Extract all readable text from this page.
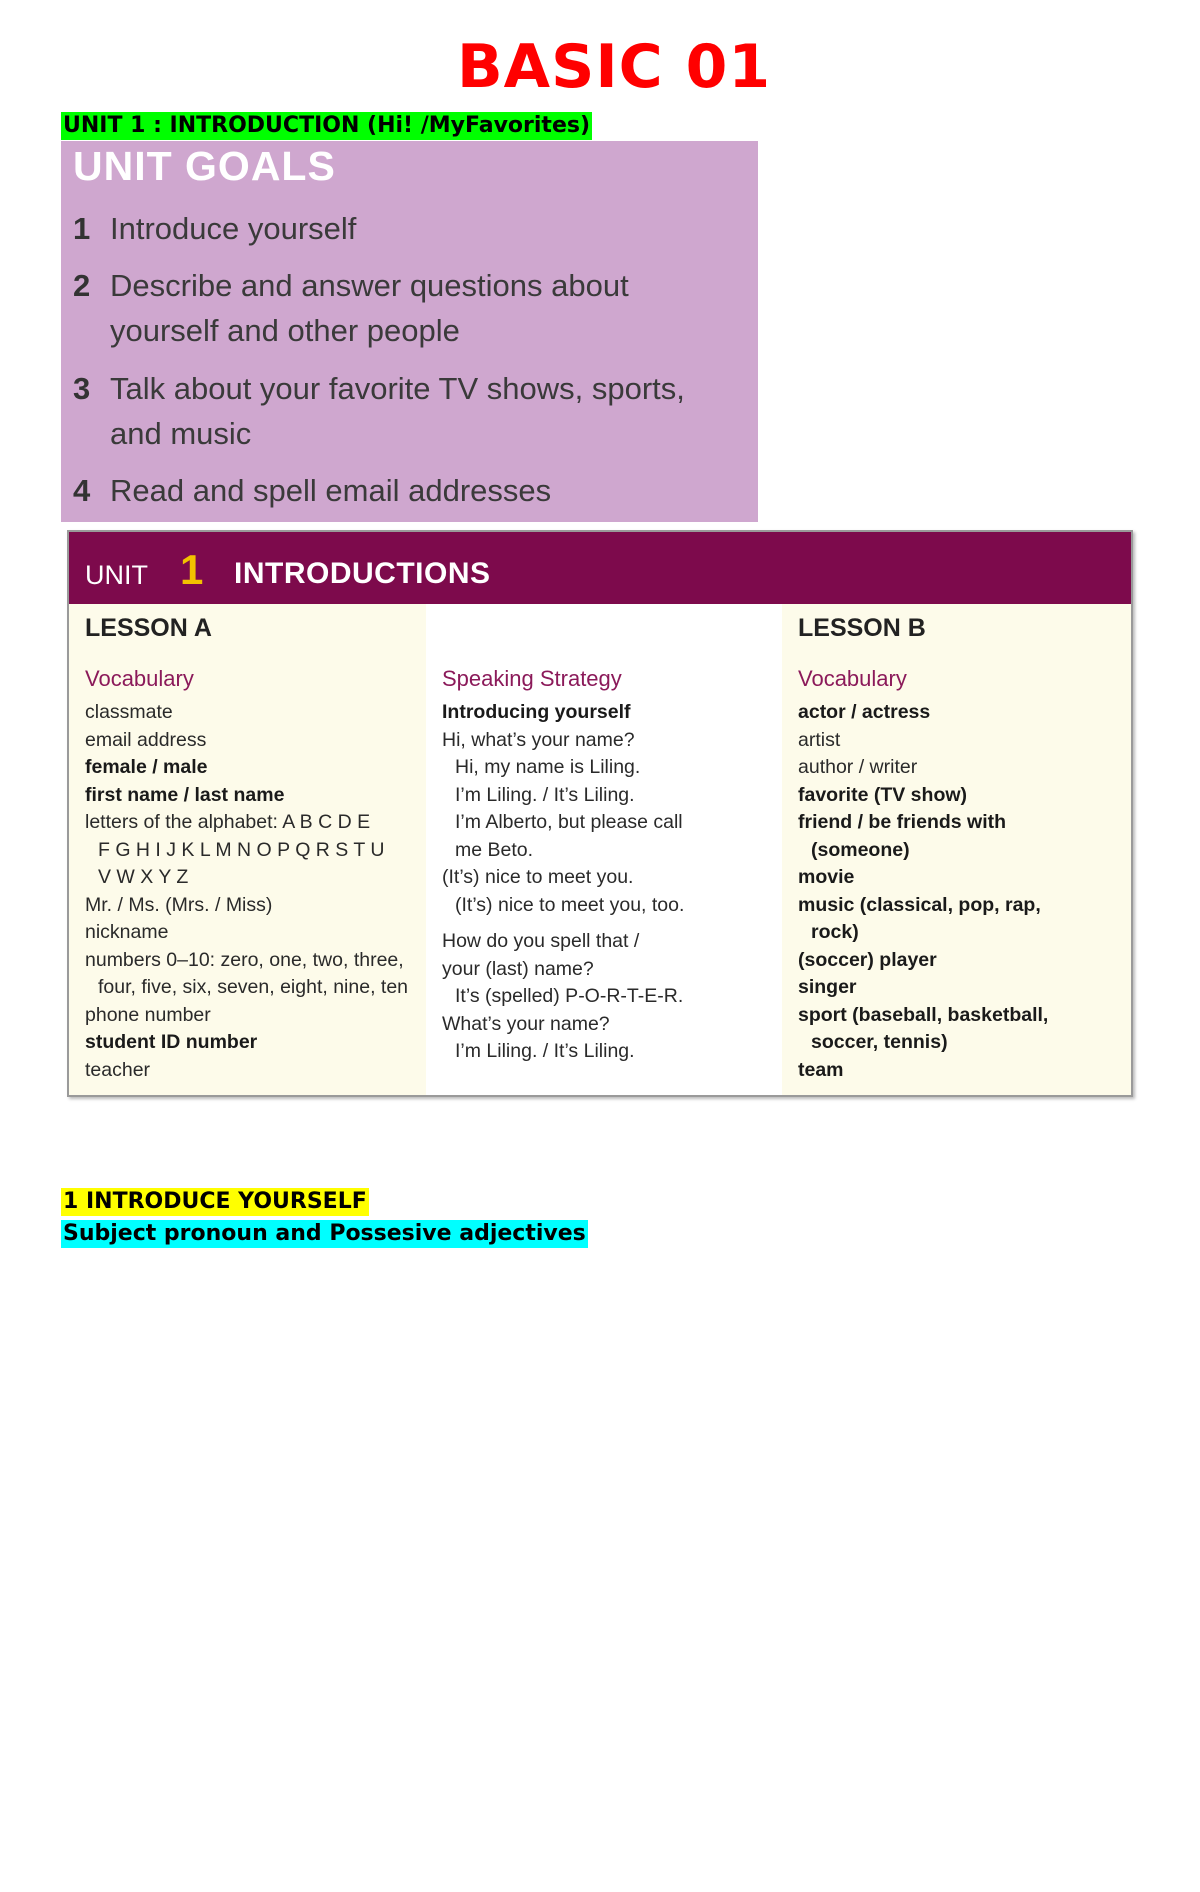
BASIC 01
UNIT 1 : INTRODUCTION (Hi! /MyFavorites)
UNIT GOALS
1 Introduce yourself
2 Describe and answer questions about
yourself and other people
3 Talk about your favorite TV shows, sports,
and music
4 Read and spell email addresses
UNIT 1 INTRODUCTIONS
LESSON A
Vocabulary
classmate
email address
female / male
first name / last name
letters of the alphabet: A B C D E
F G H I J K L M N O P Q R S T U
V W X Y Z
Mr. / Ms. (Mrs. / Miss)
nickname
numbers 0–10: zero, one, two, three,
four, five, six, seven, eight, nine, ten
phone number
student ID number
teacher
Speaking Strategy
Introducing yourself
Hi, what’s your name?
Hi, my name is Liling.
I’m Liling. / It’s Liling.
I’m Alberto, but please call
me Beto.
(It’s) nice to meet you.
(It’s) nice to meet you, too.
How do you spell that /
your (last) name?
It’s (spelled) P-O-R-T-E-R.
What’s your name?
I’m Liling. / It’s Liling.
LESSON B
Vocabulary
actor / actress
artist
author / writer
favorite (TV show)
friend / be friends with
(someone)
movie
music (classical, pop, rap,
rock)
(soccer) player
singer
sport (baseball, basketball,
soccer, tennis)
team
1 INTRODUCE YOURSELF
Subject pronoun and Possesive adjectives
